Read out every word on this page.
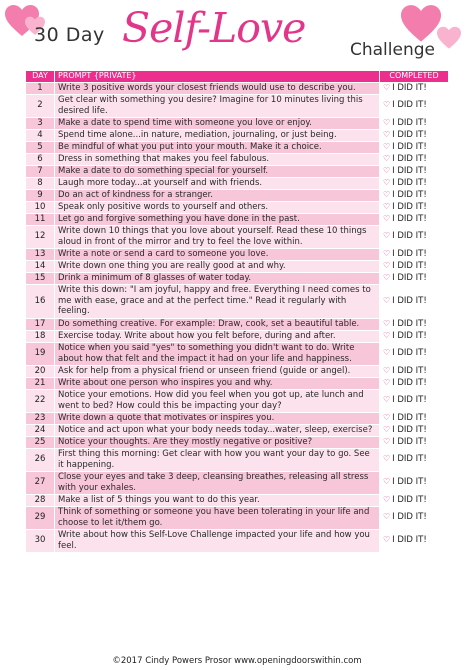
30 Day Self-Love	Challenge
DAY	PROMPT {PRIVATE}	COMPLETED
1	Write 3 positive words your closest friends would use to describe you.	♡ I DID IT!
2	Get clear with something you desire? Imagine for 10 minutes living this desired life.	♡ I DID IT!
3	Make a date to spend time with someone you love or enjoy.	♡ I DID IT!
4	Spend time alone...in nature, mediation, journaling, or just being.	♡ I DID IT!
5	Be mindful of what you put into your mouth. Make it a choice.	♡ I DID IT!
6	Dress in something that makes you feel fabulous.	♡ I DID IT!
7	Make a date to do something special for yourself.	♡ I DID IT!
8	Laugh more today...at yourself and with friends.	♡ I DID IT!
9	Do an act of kindness for a stranger.	♡ I DID IT!
10	Speak only positive words to yourself and others.	♡ I DID IT!
11	Let go and forgive something you have done in the past.	♡ I DID IT!
12	Write down 10 things that you love about yourself. Read these 10 things aloud in front of the mirror and try to feel the love within.	♡ I DID IT!
13	Write a note or send a card to someone you love.	♡ I DID IT!
14	Write down one thing you are really good at and why.	♡ I DID IT!
15	Drink a minimum of 8 glasses of water today.	♡ I DID IT!
16	Write this down: "I am joyful, happy and free. Everything I need comes to me with ease, grace and at the perfect time." Read it regularly with feeling.	♡ I DID IT!
17	Do something creative. For example: Draw, cook, set a beautiful table.	♡ I DID IT!
18	Exercise today. Write about how you felt before, during and after.	♡ I DID IT!
19	Notice when you said "yes" to something you didn't want to do. Write about how that felt and the impact it had on your life and happiness.	♡ I DID IT!
20	Ask for help from a physical friend or unseen friend (guide or angel).	♡ I DID IT!
21	Write about one person who inspires you and why.	♡ I DID IT!
22	Notice your emotions. How did you feel when you got up, ate lunch and went to bed? How could this be impacting your day?	♡ I DID IT!
23	Write down a quote that motivates or inspires you.	♡ I DID IT!
24	Notice and act upon what your body needs today...water, sleep, exercise?	♡ I DID IT!
25	Notice your thoughts. Are they mostly negative or positive?	♡ I DID IT!
26	First thing this morning: Get clear with how you want your day to go. See it happening.	♡ I DID IT!
27	Close your eyes and take 3 deep, cleansing breathes, releasing all stress with your exhales.	♡ I DID IT!
28	Make a list of 5 things you want to do this year.	♡ I DID IT!
29	Think of something or someone you have been tolerating in your life and choose to let it/them go.	♡ I DID IT!
30	Write about how this Self-Love Challenge impacted your life and how you feel.	♡ I DID IT!
©2017 Cindy Powers Prosor www.openingdoorswithin.com
